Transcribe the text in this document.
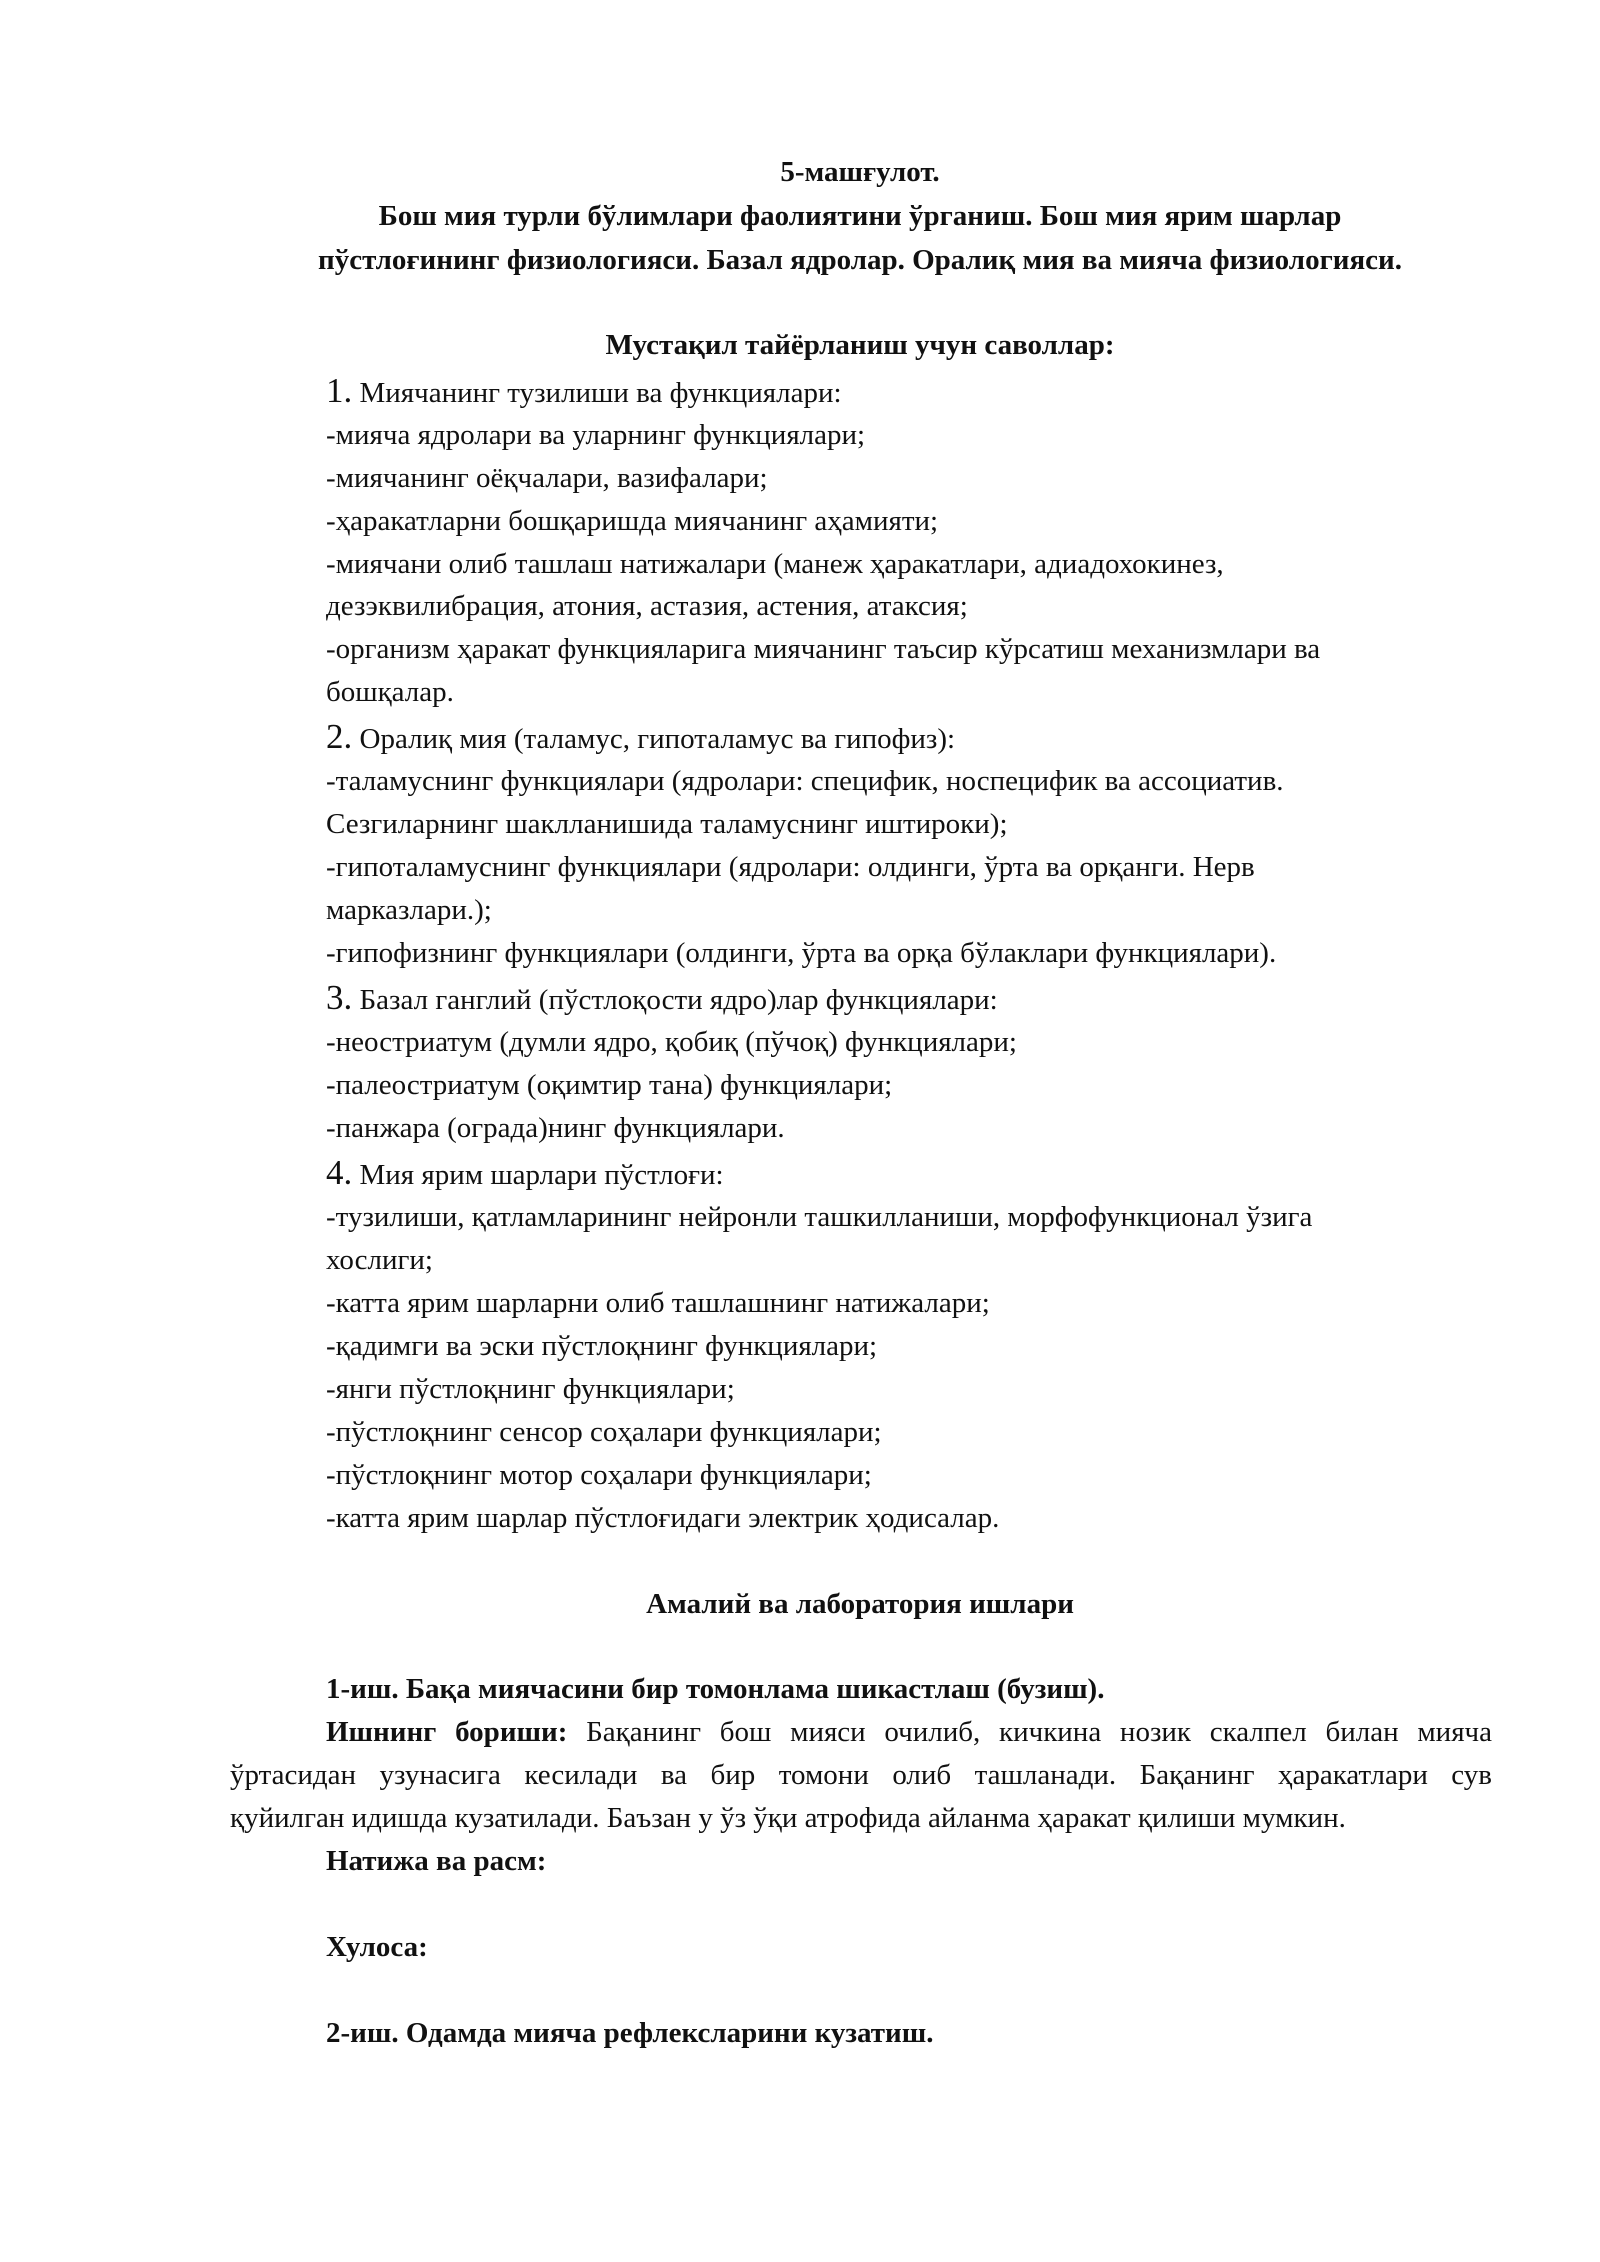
5-машғулот.
Бош мия турли бўлимлари фаолиятини ўрганиш. Бош мия ярим шарлар
пўстлоғининг физиологияси. Базал ядролар. Оралиқ мия ва мияча физиологияси.
Мустақил тайёрланиш учун саволлар:
1. Миячанинг тузилиши ва функциялари:
-мияча ядролари ва уларнинг функциялари;
-миячанинг оёқчалари, вазифалари;
-ҳаракатларни бошқаришда миячанинг аҳамияти;
-миячани олиб ташлаш натижалари (манеж ҳаракатлари, адиадохокинез,
дезэквилибрация, атония, астазия, астения, атаксия;
-организм ҳаракат функцияларига миячанинг таъсир кўрсатиш механизмлари ва
бошқалар.
2. Оралиқ мия (таламус, гипоталамус ва гипофиз):
-таламуснинг функциялари (ядролари: специфик, носпецифик ва ассоциатив.
Сезгиларнинг шаклланишида таламуснинг иштироки);
-гипоталамуснинг функциялари (ядролари: олдинги, ўрта ва орқанги. Нерв
марказлари.);
-гипофизнинг функциялари (олдинги, ўрта ва орқа бўлаклари функциялари).
3. Базал ганглий (пўстлоқости ядро)лар функциялари:
-неостриатум (думли ядро, қобиқ (пўчоқ) функциялари;
-палеостриатум (оқимтир тана) функциялари;
-панжара (ограда)нинг функциялари.
4. Мия ярим шарлари пўстлоғи:
-тузилиши, қатламларининг нейронли ташкилланиши, морфофункционал ўзига
хослиги;
-катта ярим шарларни олиб ташлашнинг натижалари;
-қадимги ва эски пўстлоқнинг функциялари;
-янги пўстлоқнинг функциялари;
-пўстлоқнинг сенсор соҳалари функциялари;
-пўстлоқнинг мотор соҳалари функциялари;
-катта ярим шарлар пўстлоғидаги электрик ҳодисалар.
Амалий ва лаборатория ишлари
1-иш. Бақа миячасини бир томонлама шикастлаш (бузиш).
Ишнинг бориши: Бақанинг бош мияси очилиб, кичкина нозик скалпел билан мияча
ўртасидан узунасига кесилади ва бир томони олиб ташланади. Бақанинг ҳаракатлари сув
қуйилган идишда кузатилади. Баъзан у ўз ўқи атрофида айланма ҳаракат қилиши мумкин.
Натижа ва расм:
Хулоса:
2-иш. Одамда мияча рефлексларини кузатиш.
